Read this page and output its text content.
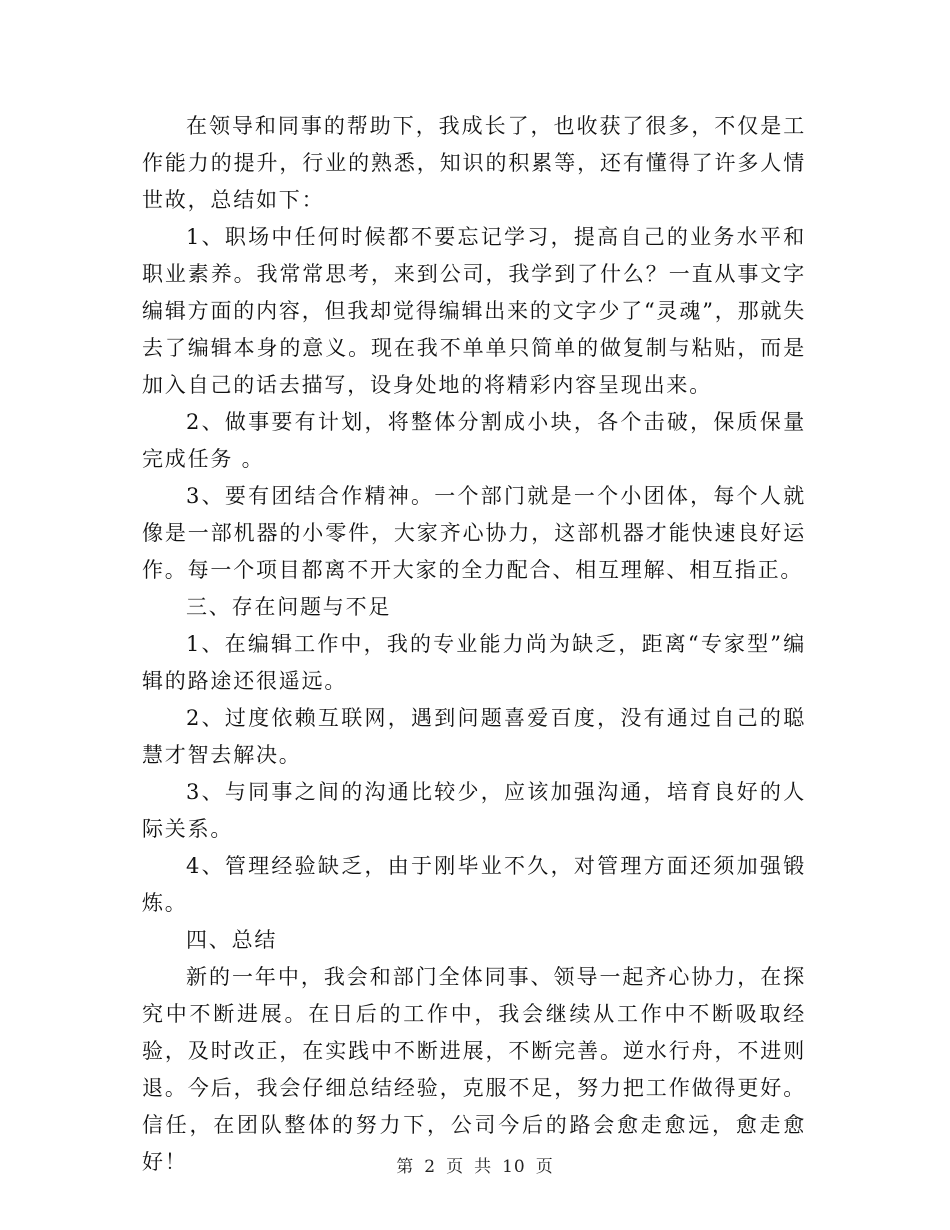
在领导和同事的帮助下，我成长了，也收获了很多，不仅是工作能力的提升，行业的熟悉，知识的积累等，还有懂得了许多人情世故，总结如下：

1、职场中任何时候都不要忘记学习，提高自己的业务水平和职业素养。我常常思考，来到公司，我学到了什么？一直从事文字编辑方面的内容，但我却觉得编辑出来的文字少了“灵魂”，那就失去了编辑本身的意义。现在我不单单只简单的做复制与粘贴，而是加入自己的话去描写，设身处地的将精彩内容呈现出来。

2、做事要有计划，将整体分割成小块，各个击破，保质保量完成任务 。

3、要有团结合作精神。一个部门就是一个小团体，每个人就像是一部机器的小零件，大家齐心协力，这部机器才能快速良好运作。每一个项目都离不开大家的全力配合、相互理解、相互指正。

三、存在问题与不足

1、在编辑工作中，我的专业能力尚为缺乏，距离“专家型”编辑的路途还很遥远。

2、过度依赖互联网，遇到问题喜爱百度，没有通过自己的聪慧才智去解决。

3、与同事之间的沟通比较少，应该加强沟通，培育良好的人际关系。

4、管理经验缺乏，由于刚毕业不久，对管理方面还须加强锻炼。

四、总结

新的一年中，我会和部门全体同事、领导一起齐心协力，在探究中不断进展。在日后的工作中，我会继续从工作中不断吸取经验，及时改正，在实践中不断进展，不断完善。逆水行舟，不进则退。今后，我会仔细总结经验，克服不足，努力把工作做得更好。信任，在团队整体的努力下，公司今后的路会愈走愈远，愈走愈好！	第 2 页 共 10 页
